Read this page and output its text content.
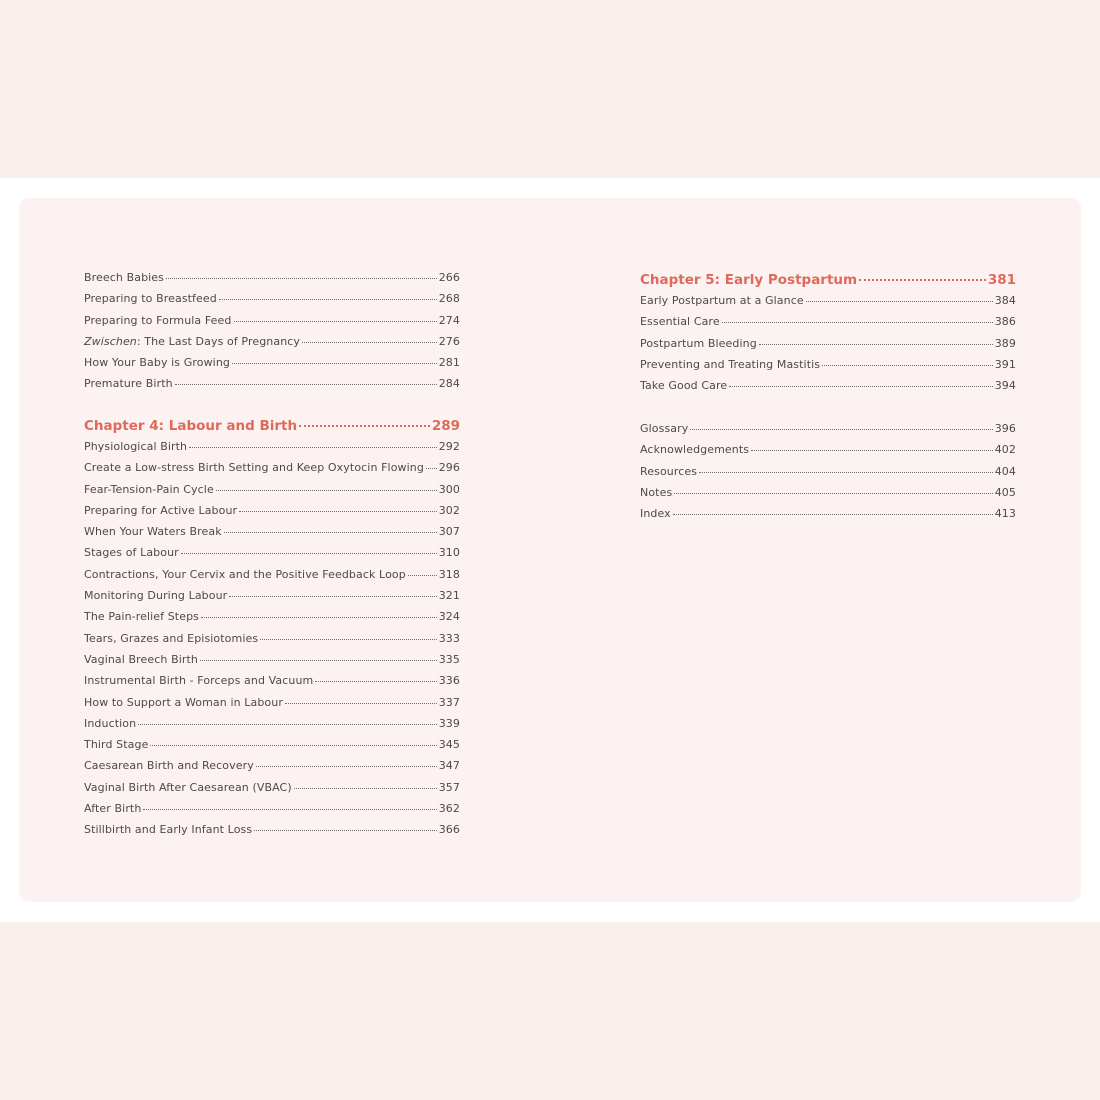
Breech Babies	266
Preparing to Breastfeed	268
Preparing to Formula Feed	274
Zwischen: The Last Days of Pregnancy	276
How Your Baby is Growing	281
Premature Birth	284
Chapter 4: Labour and Birth	289
Physiological Birth	292
Create a Low-stress Birth Setting and Keep Oxytocin Flowing 296
Fear-Tension-Pain Cycle	300
Preparing for Active Labour	302
When Your Waters Break	307
Stages of Labour	310
Contractions, Your Cervix and the Positive Feedback Loop	318
Monitoring During Labour	321
The Pain-relief Steps	324
Tears, Grazes and Episiotomies	333
Vaginal Breech Birth	335
Instrumental Birth - Forceps and Vacuum	336
How to Support a Woman in Labour	337
Induction	339
Third Stage	345
Caesarean Birth and Recovery	347
Vaginal Birth After Caesarean (VBAC)	357
After Birth	362
Stillbirth and Early Infant Loss	366
Chapter 5: Early Postpartum	381
Early Postpartum at a Glance	384
Essential Care	386
Postpartum Bleeding	389
Preventing and Treating Mastitis	391
Take Good Care	394
Glossary	396
Acknowledgements	402
Resources	404
Notes	405
Index	413
